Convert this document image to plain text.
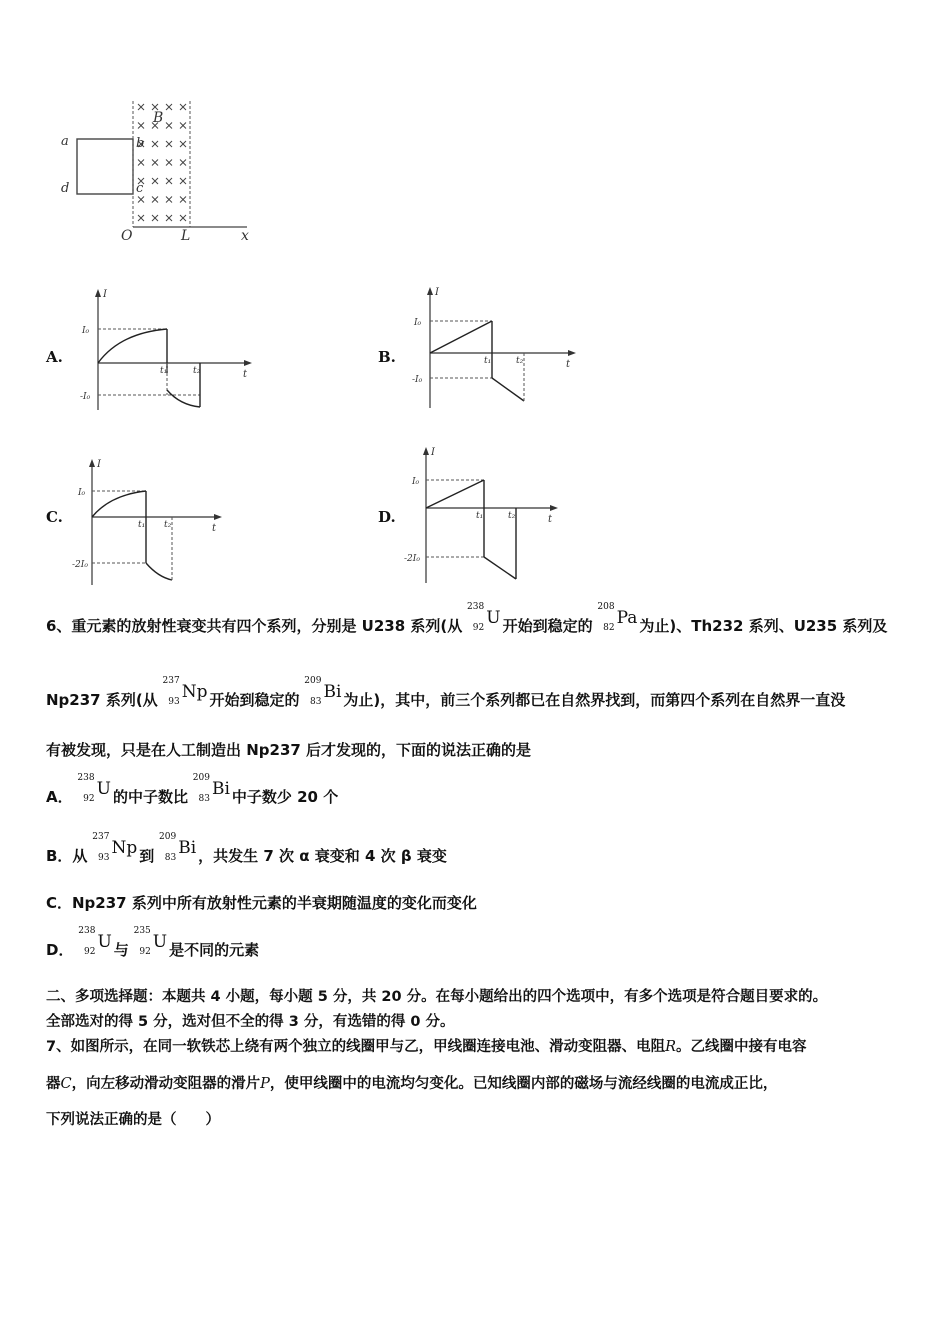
a
d
b
c
B
O	L	x
A.
I
t
I₀
-I₀
t₁	t₂
B.
I
t
I₀
-I₀
t₁	t₂
C.
I
t
I₀
-2I₀
t₁ t₂	D.
I
t
I₀
-2I₀
t₁	t₂
6、重元素的放射性衰变共有四个系列，分别是 U238 系列(从
238
92 U 开始到稳定的
208
82 Pa 为止)、Th232 系列、U235 系列及
Np237 系列(从
237
93 Np 开始到稳定的
209
83 Bi 为止)，其中，前三个系列都已在自然界找到，而第四个系列在自然界一直没
有被发现，只是在人工制造出 Np237 后才发现的，下面的说法正确的是
A．
238
92 U 的中子数比
209
83 Bi 中子数少 20 个
B．从
237
93 Np 到
209
83 Bi ，共发生 7 次 α 衰变和 4 次 β 衰变
C．Np237 系列中所有放射性元素的半衰期随温度的变化而变化
D．
238
92 U 与
235
92 U 是不同的元素
二、多项选择题：本题共 4 小题，每小题 5 分，共 20 分。在每小题给出的四个选项中，有多个选项是符合题目要求的。
全部选对的得 5 分，选对但不全的得 3 分，有选错的得 0 分。
7、如图所示，在同一软铁芯上绕有两个独立的线圈甲与乙，甲线圈连接电池、滑动变阻器、电阻R。乙线圈中接有电容
器C，向左移动滑动变阻器的滑片P，使甲线圈中的电流均匀变化。已知线圈内部的磁场与流经线圈的电流成正比，
下列说法正确的是（　　）
